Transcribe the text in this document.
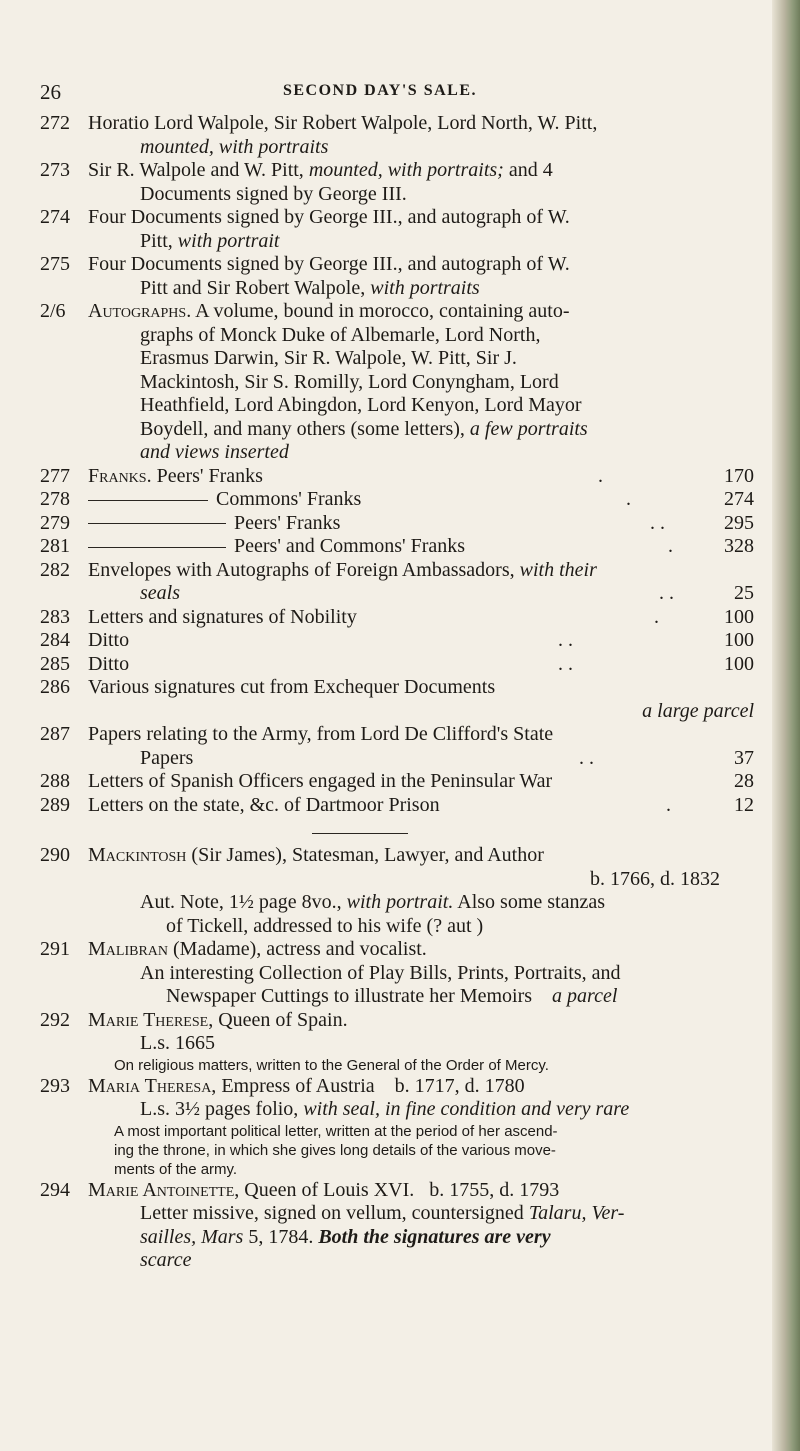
26	SECOND DAY'S SALE.

272 Horatio Lord Walpole, Sir Robert Walpole, Lord North, W. Pitt,
mounted, with portraits

273 Sir R. Walpole and W. Pitt, mounted, with portraits; and 4
Documents signed by George III.

274 Four Documents signed by George III., and autograph of W.
Pitt, with portrait

275 Four Documents signed by George III., and autograph of W.
Pitt and Sir Robert Walpole, with portraits

2/6	Autographs. A volume, bound in morocco, containing auto-
graphs of Monck Duke of Albemarle, Lord North,
Erasmus Darwin, Sir R. Walpole, W. Pitt, Sir J.
Mackintosh, Sir S. Romilly, Lord Conyngham, Lord
Heathfield, Lord Abingdon, Lord Kenyon, Lord Mayor
Boydell, and many others (some letters), a few portraits
and views inserted

277 Franks. Peers' Franks	170
.

278	Commons' Franks	274
.

279	Peers' Franks	295
. .

281	Peers' and Commons' Franks	328
.

282 Envelopes with Autographs of Foreign Ambassadors, with their
seals	25
. .

283 Letters and signatures of Nobility	100
.

284 Ditto	100
. .

285 Ditto	100
. .

286 Various signatures cut from Exchequer Documents
a large parcel

287 Papers relating to the Army, from Lord De Clifford's State
Papers	37
. .

288 Letters of Spanish Officers engaged in the Peninsular War	28

289 Letters on the state, &c. of Dartmoor Prison	12
.

290 Mackintosh (Sir James), Statesman, Lawyer, and Author
b. 1766, d. 1832
Aut. Note, 1½ page 8vo., with portrait. Also some stanzas
of Tickell, addressed to his wife (? aut )

291 Malibran (Madame), actress and vocalist.
An interesting Collection of Play Bills, Prints, Portraits, and
Newspaper Cuttings to illustrate her Memoirs a parcel

292 Marie Therese, Queen of Spain.
L.s. 1665
On religious matters, written to the General of the Order of Mercy.

293 Maria Theresa, Empress of Austria b. 1717, d. 1780
L.s. 3½ pages folio, with seal, in fine condition and very rare
A most important political letter, written at the period of her ascend-
ing the throne, in which she gives long details of the various move-
ments of the army.

294 Marie Antoinette, Queen of Louis XVI. b. 1755, d. 1793
Letter missive, signed on vellum, countersigned Talaru, Ver-
sailles, Mars 5, 1784. Both the signatures are very
scarce
